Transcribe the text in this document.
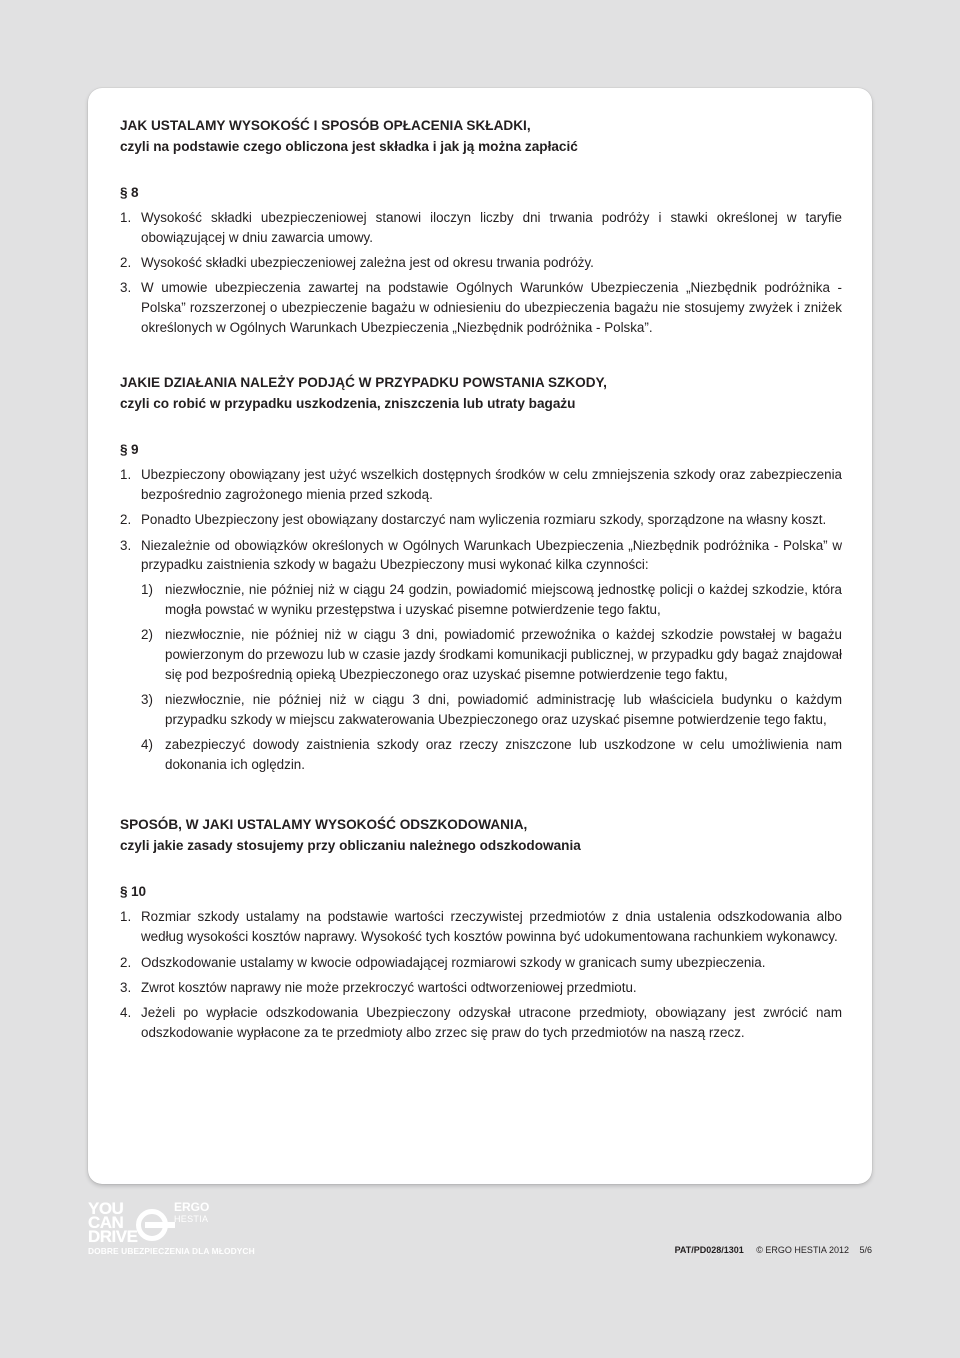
JAK USTALAMY WYSOKOŚĆ I SPOSÓB OPŁACENIA SKŁADKI,
czyli na podstawie czego obliczona jest składka i jak ją można zapłacić
§ 8
1. Wysokość składki ubezpieczeniowej stanowi iloczyn liczby dni trwania podróży i stawki określonej w taryfie obowiązującej w dniu zawarcia umowy.
2. Wysokość składki ubezpieczeniowej zależna jest od okresu trwania podróży.
3. W umowie ubezpieczenia zawartej na podstawie Ogólnych Warunków Ubezpieczenia „Niezbędnik podróżnika - Polska” rozszerzonej o ubezpieczenie bagażu w odniesieniu do ubezpieczenia bagażu nie stosujemy zwyżek i zniżek określonych w Ogólnych Warunkach Ubezpieczenia „Niezbędnik podróżnika - Polska”.
JAKIE DZIAŁANIA NALEŻY PODJĄĆ W PRZYPADKU POWSTANIA SZKODY,
czyli co robić w przypadku uszkodzenia, zniszczenia lub utraty bagażu
§ 9
1. Ubezpieczony obowiązany jest użyć wszelkich dostępnych środków w celu zmniejszenia szkody oraz zabezpieczenia bezpośrednio zagrożonego mienia przed szkodą.
2. Ponadto Ubezpieczony jest obowiązany dostarczyć nam wyliczenia rozmiaru szkody, sporządzone na własny koszt.
3. Niezależnie od obowiązków określonych w Ogólnych Warunkach Ubezpieczenia „Niezbędnik podróżnika - Polska” w przypadku zaistnienia szkody w bagażu Ubezpieczony musi wykonać kilka czynności:
1) niezwłocznie, nie później niż w ciągu 24 godzin, powiadomić miejscową jednostkę policji o każdej szkodzie, która mogła powstać w wyniku przestępstwa i uzyskać pisemne potwierdzenie tego faktu,
2) niezwłocznie, nie później niż w ciągu 3 dni, powiadomić przewoźnika o każdej szkodzie powstałej w bagażu powierzonym do przewozu lub w czasie jazdy środkami komunikacji publicznej, w przypadku gdy bagaż znajdował się pod bezpośrednią opieką Ubezpieczonego oraz uzyskać pisemne potwierdzenie tego faktu,
3) niezwłocznie, nie później niż w ciągu 3 dni, powiadomić administrację lub właściciela budynku o każdym przypadku szkody w miejscu zakwaterowania Ubezpieczonego oraz uzyskać pisemne potwierdzenie tego faktu,
4) zabezpieczyć dowody zaistnienia szkody oraz rzeczy zniszczone lub uszkodzone w celu umożliwienia nam dokonania ich oględzin.
SPOSÓB, W JAKI USTALAMY WYSOKOŚĆ ODSZKODOWANIA,
czyli jakie zasady stosujemy przy obliczaniu należnego odszkodowania
§ 10
1. Rozmiar szkody ustalamy na podstawie wartości rzeczywistej przedmiotów z dnia ustalenia odszkodowania albo według wysokości kosztów naprawy. Wysokość tych kosztów powinna być udokumentowana rachunkiem wykonawcy.
2. Odszkodowanie ustalamy w kwocie odpowiadającej rozmiarowi szkody w granicach sumy ubezpieczenia.
3. Zwrot kosztów naprawy nie może przekroczyć wartości odtworzeniowej przedmiotu.
4. Jeżeli po wypłacie odszkodowania Ubezpieczony odzyskał utracone przedmioty, obowiązany jest zwrócić nam odszkodowanie wypłacone za te przedmioty albo zrzec się praw do tych przedmiotów na naszą rzecz.
YOU
CAN
DRIVE
ERGO
HESTIA
DOBRE UBEZPIECZENIA DLA MŁODYCH	PAT/PD028/1301 © ERGO HESTIA 2012 5/6
